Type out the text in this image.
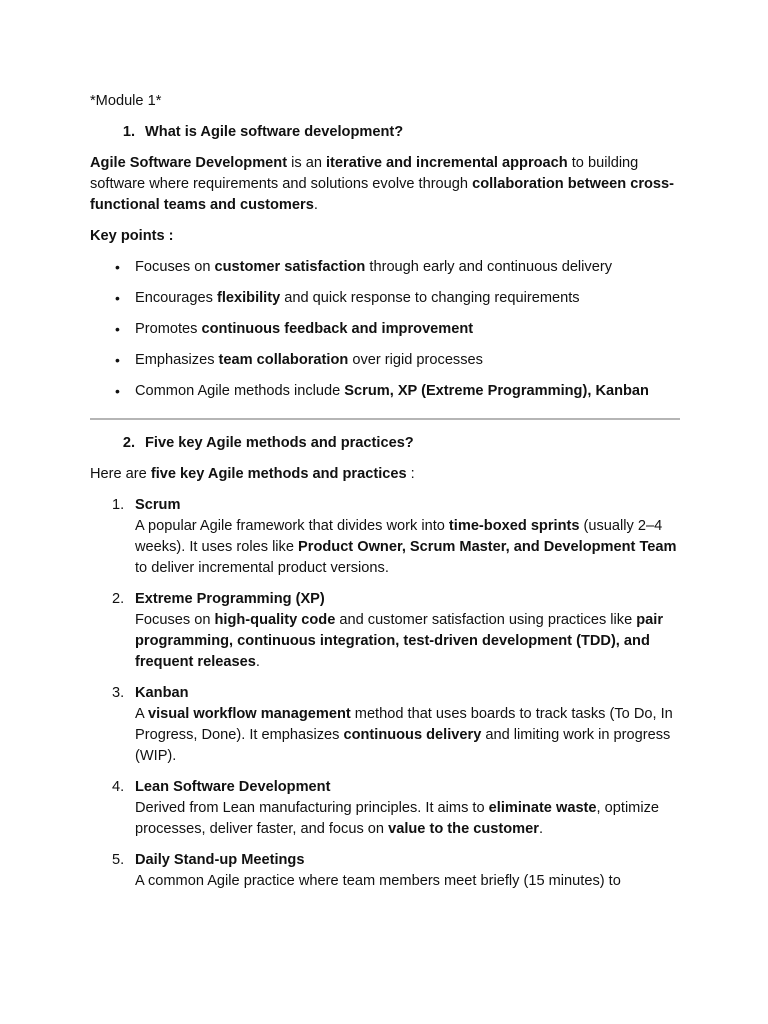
*Module 1*

1. What is Agile software development?

Agile Software Development is an iterative and incremental approach to building software where requirements and solutions evolve through collaboration between cross-functional teams and customers.

Key points :

• Focuses on customer satisfaction through early and continuous delivery
• Encourages flexibility and quick response to changing requirements
• Promotes continuous feedback and improvement
• Emphasizes team collaboration over rigid processes
• Common Agile methods include Scrum, XP (Extreme Programming), Kanban
2. Five key Agile methods and practices?

Here are five key Agile methods and practices :

1. Scrum
A popular Agile framework that divides work into time-boxed sprints (usually 2–4 weeks). It uses roles like Product Owner, Scrum Master, and Development Team to deliver incremental product versions.
2. Extreme Programming (XP)
Focuses on high-quality code and customer satisfaction using practices like pair programming, continuous integration, test-driven development (TDD), and frequent releases.
3. Kanban
A visual workflow management method that uses boards to track tasks (To Do, In Progress, Done). It emphasizes continuous delivery and limiting work in progress (WIP).
4. Lean Software Development
Derived from Lean manufacturing principles. It aims to eliminate waste, optimize processes, deliver faster, and focus on value to the customer.
5. Daily Stand-up Meetings
A common Agile practice where team members meet briefly (15 minutes) to
